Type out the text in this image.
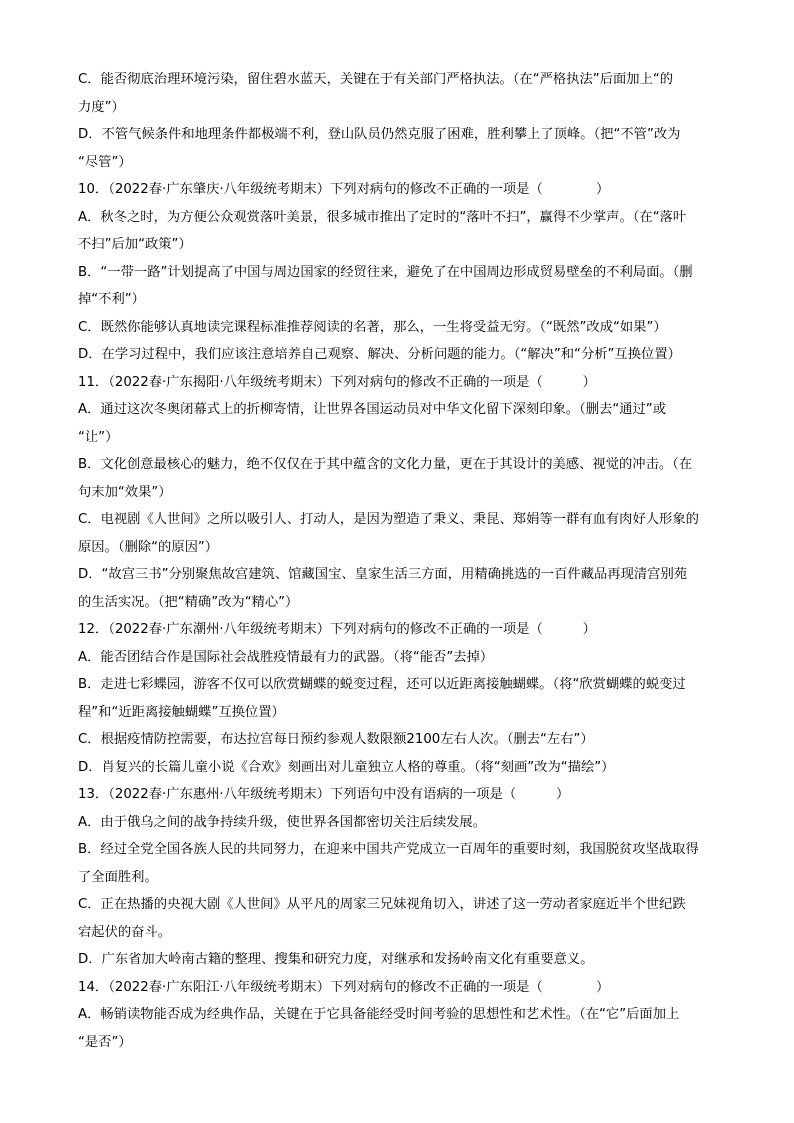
C．能否彻底治理环境污染，留住碧水蓝天，关键在于有关部门严格执法。（在“严格执法”后面加上“的
力度”）
D．不管气候条件和地理条件都极端不利，登山队员仍然克服了困难，胜利攀上了顶峰。（把“不管”改为
“尽管”）
10．（2022春·广东肇庆·八年级统考期末）下列对病句的修改不正确的一项是（　　　　）
A．秋冬之时，为方便公众观赏落叶美景，很多城市推出了定时的“落叶不扫”，赢得不少掌声。（在“落叶
不扫”后加“政策”）
B．“一带一路”计划提高了中国与周边国家的经贸往来，避免了在中国周边形成贸易壁垒的不利局面。（删
掉“不利”）
C．既然你能够认真地读完课程标准推荐阅读的名著，那么，一生将受益无穷。（“既然”改成“如果”）
D．在学习过程中，我们应该注意培养自己观察、解决、分析问题的能力。（“解决”和“分析”互换位置）
11．（2022春·广东揭阳·八年级统考期末）下列对病句的修改不正确的一项是（　　　）
A．通过这次冬奥闭幕式上的折柳寄情，让世界各国运动员对中华文化留下深刻印象。（删去“通过”或
“让”）
B．文化创意最核心的魅力，绝不仅仅在于其中蕴含的文化力量，更在于其设计的美感、视觉的冲击。（在
句末加“效果”）
C．电视剧《人世间》之所以吸引人、打动人，是因为塑造了秉义、秉昆、郑娟等一群有血有肉好人形象的
原因。（删除“的原因”）
D．“故宫三书”分别聚焦故宫建筑、馆藏国宝、皇家生活三方面，用精确挑选的一百件藏品再现清宫别苑
的生活实况。（把“精确”改为“精心”）
12．（2022春·广东潮州·八年级统考期末）下列对病句的修改不正确的一项是（　　　）
A．能否团结合作是国际社会战胜疫情最有力的武器。（将“能否”去掉）
B．走进七彩蝶园，游客不仅可以欣赏蝴蝶的蜕变过程，还可以近距离接触蝴蝶。（将“欣赏蝴蝶的蜕变过
程”和“近距离接触蝴蝶”互换位置）
C．根据疫情防控需要，布达拉宫每日预约参观人数限额2100左右人次。（删去“左右”）
D．肖复兴的长篇儿童小说《合欢》刻画出对儿童独立人格的尊重。（将“刻画”改为“描绘”）
13．（2022春·广东惠州·八年级统考期末）下列语句中没有语病的一项是（　　　）
A．由于俄乌之间的战争持续升级，使世界各国都密切关注后续发展。
B．经过全党全国各族人民的共同努力，在迎来中国共产党成立一百周年的重要时刻，我国脱贫攻坚战取得
了全面胜利。
C．正在热播的央视大剧《人世间》从平凡的周家三兄妹视角切入，讲述了这一劳动者家庭近半个世纪跌
宕起伏的奋斗。
D．广东省加大岭南古籍的整理、搜集和研究力度，对继承和发扬岭南文化有重要意义。
14．（2022春·广东阳江·八年级统考期末）下列对病句的修改不正确的一项是（　　　　）
A．畅销读物能否成为经典作品，关键在于它具备能经受时间考验的思想性和艺术性。（在“它”后面加上
“是否”）
